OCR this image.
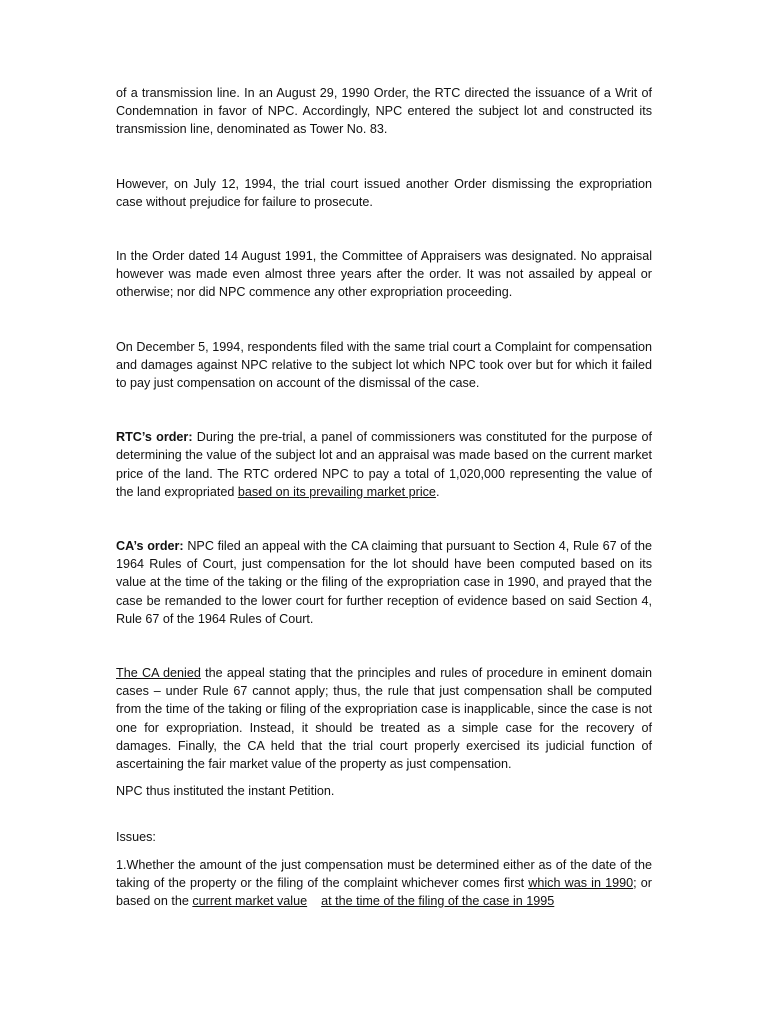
of a transmission line. In an August 29, 1990 Order, the RTC directed the issuance of a Writ of Condemnation in favor of NPC. Accordingly, NPC entered the subject lot and constructed its transmission line, denominated as Tower No. 83.

However, on July 12, 1994, the trial court issued another Order dismissing the expropriation case without prejudice for failure to prosecute.

In the Order dated 14 August 1991, the Committee of Appraisers was designated. No appraisal however was made even almost three years after the order. It was not assailed by appeal or otherwise; nor did NPC commence any other expropriation proceeding.

On December 5, 1994, respondents filed with the same trial court a Complaint for compensation and damages against NPC relative to the subject lot which NPC took over but for which it failed to pay just compensation on account of the dismissal of the case.

RTC’s order: During the pre-trial, a panel of commissioners was constituted for the purpose of determining the value of the subject lot and an appraisal was made based on the current market price of the land. The RTC ordered NPC to pay a total of 1,020,000 representing the value of the land expropriated based on its prevailing market price.

CA’s order: NPC filed an appeal with the CA claiming that pursuant to Section 4, Rule 67 of the 1964 Rules of Court, just compensation for the lot should have been computed based on its value at the time of the taking or the filing of the expropriation case in 1990, and prayed that the case be remanded to the lower court for further reception of evidence based on said Section 4, Rule 67 of the 1964 Rules of Court.

The CA denied the appeal stating that the principles and rules of procedure in eminent domain cases – under Rule 67 cannot apply; thus, the rule that just compensation shall be computed from the time of the taking or filing of the expropriation case is inapplicable, since the case is not one for expropriation. Instead, it should be treated as a simple case for the recovery of damages. Finally, the CA held that the trial court properly exercised its judicial function of ascertaining the fair market value of the property as just compensation.

NPC thus instituted the instant Petition.

Issues:

1.Whether the amount of the just compensation must be determined either as of the date of the taking of the property or the filing of the complaint whichever comes first which was in 1990; or based on the current market value at the time of the filing of the case in 1995
